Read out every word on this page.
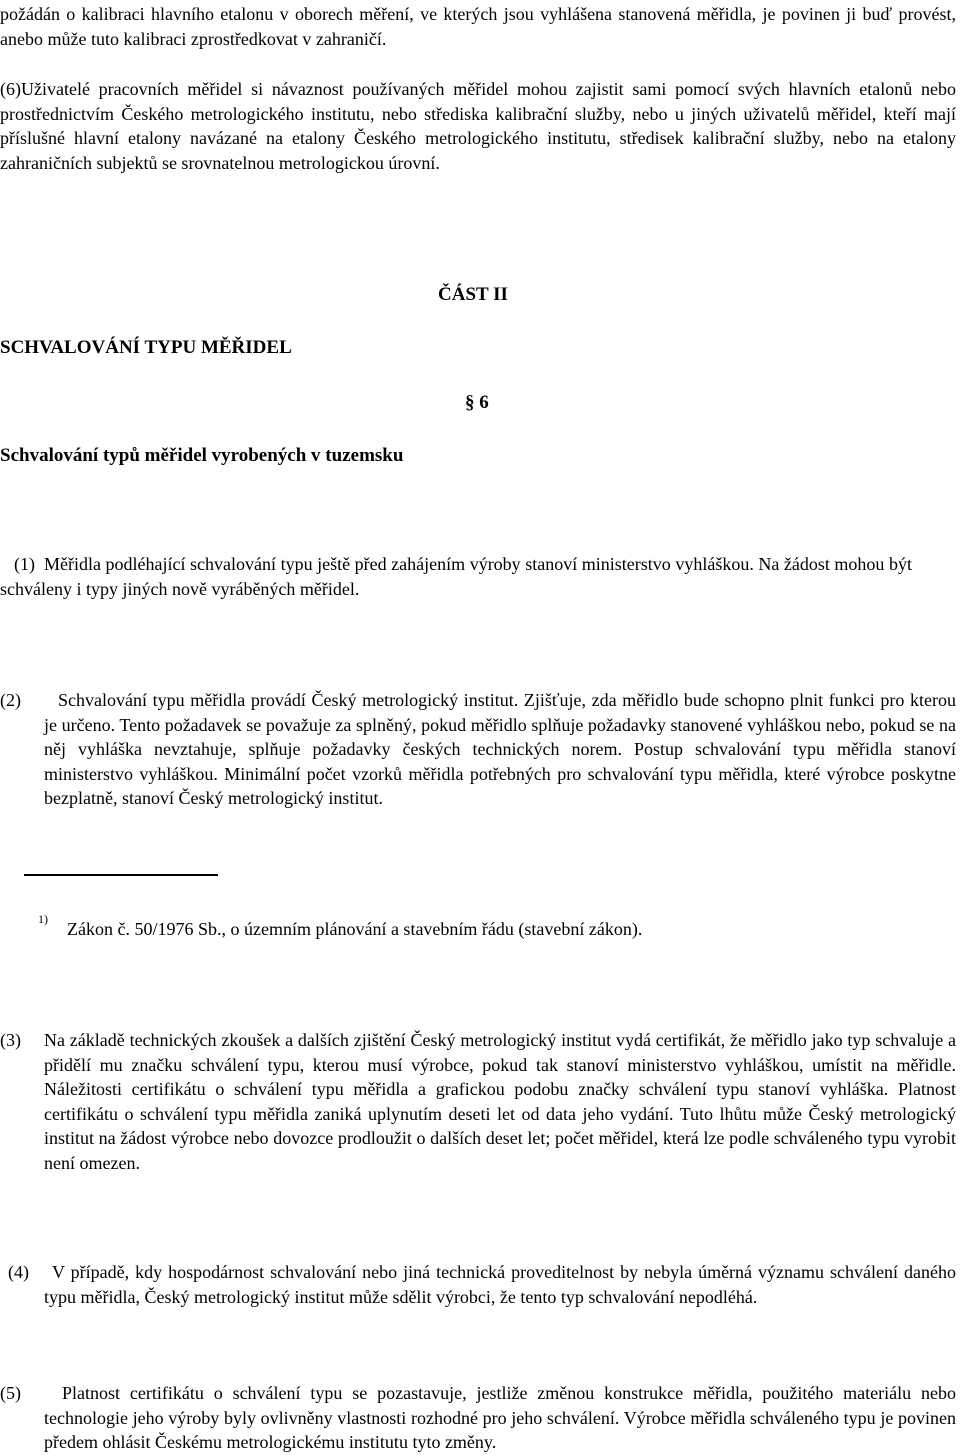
požádán o kalibraci hlavního etalonu v oborech měření, ve kterých jsou vyhlášena stanovená měřidla, je povinen ji buď provést, anebo může tuto kalibraci zprostředkovat v zahraničí.
(6)Uživatelé pracovních měřidel si návaznost používaných měřidel mohou zajistit sami pomocí svých hlavních etalonů nebo prostřednictvím Českého metrologického institutu, nebo střediska kalibrační služby, nebo u jiných uživatelů měřidel, kteří mají příslušné hlavní etalony navázané na etalony Českého metrologického institutu, středisek kalibrační služby, nebo na etalony zahraničních subjektů se srovnatelnou metrologickou úrovní.
ČÁST II
SCHVALOVÁNÍ TYPU MĚŘIDEL
§ 6
Schvalování typů měřidel vyrobených v tuzemsku
(1) Měřidla podléhající schvalování typu ještě před zahájením výroby stanoví ministerstvo vyhláškou. Na žádost mohou být schváleny i typy jiných nově vyráběných měřidel.
(2)	Schvalování typu měřidla provádí Český metrologický institut. Zjišťuje, zda měřidlo bude schopno plnit funkci pro kterou je určeno. Tento požadavek se považuje za splněný, pokud měřidlo splňuje požadavky stanovené vyhláškou nebo, pokud se na něj vyhláška nevztahuje, splňuje požadavky českých technických norem. Postup schvalování typu měřidla stanoví ministerstvo vyhláškou. Minimální počet vzorků měřidla potřebných pro schvalování typu měřidla, které výrobce poskytne bezplatně, stanoví Český metrologický institut.
1) Zákon č. 50/1976 Sb., o územním plánování a stavebním řádu (stavební zákon).
(3) Na základě technických zkoušek a dalších zjištění Český metrologický institut vydá certifikát, že měřidlo jako typ schvaluje a přidělí mu značku schválení typu, kterou musí výrobce, pokud tak stanoví ministerstvo vyhláškou, umístit na měřidle. Náležitosti certifikátu o schválení typu měřidla a grafickou podobu značky schválení typu stanoví vyhláška. Platnost certifikátu o schválení typu měřidla zaniká uplynutím deseti let od data jeho vydání. Tuto lhůtu může Český metrologický institut na žádost výrobce nebo dovozce prodloužit o dalších deset let; počet měřidel, která lze podle schváleného typu vyrobit není omezen.
(4)	V případě, kdy hospodárnost schvalování nebo jiná technická proveditelnost by nebyla úměrná významu schválení daného typu měřidla, Český metrologický institut může sdělit výrobci, že tento typ schvalování nepodléhá.
(5)	Platnost certifikátu o schválení typu se pozastavuje, jestliže změnou konstrukce měřidla, použitého materiálu nebo technologie jeho výroby byly ovlivněny vlastnosti rozhodné pro jeho schválení. Výrobce měřidla schváleného typu je povinen předem ohlásit Českému metrologickému institutu tyto změny.
